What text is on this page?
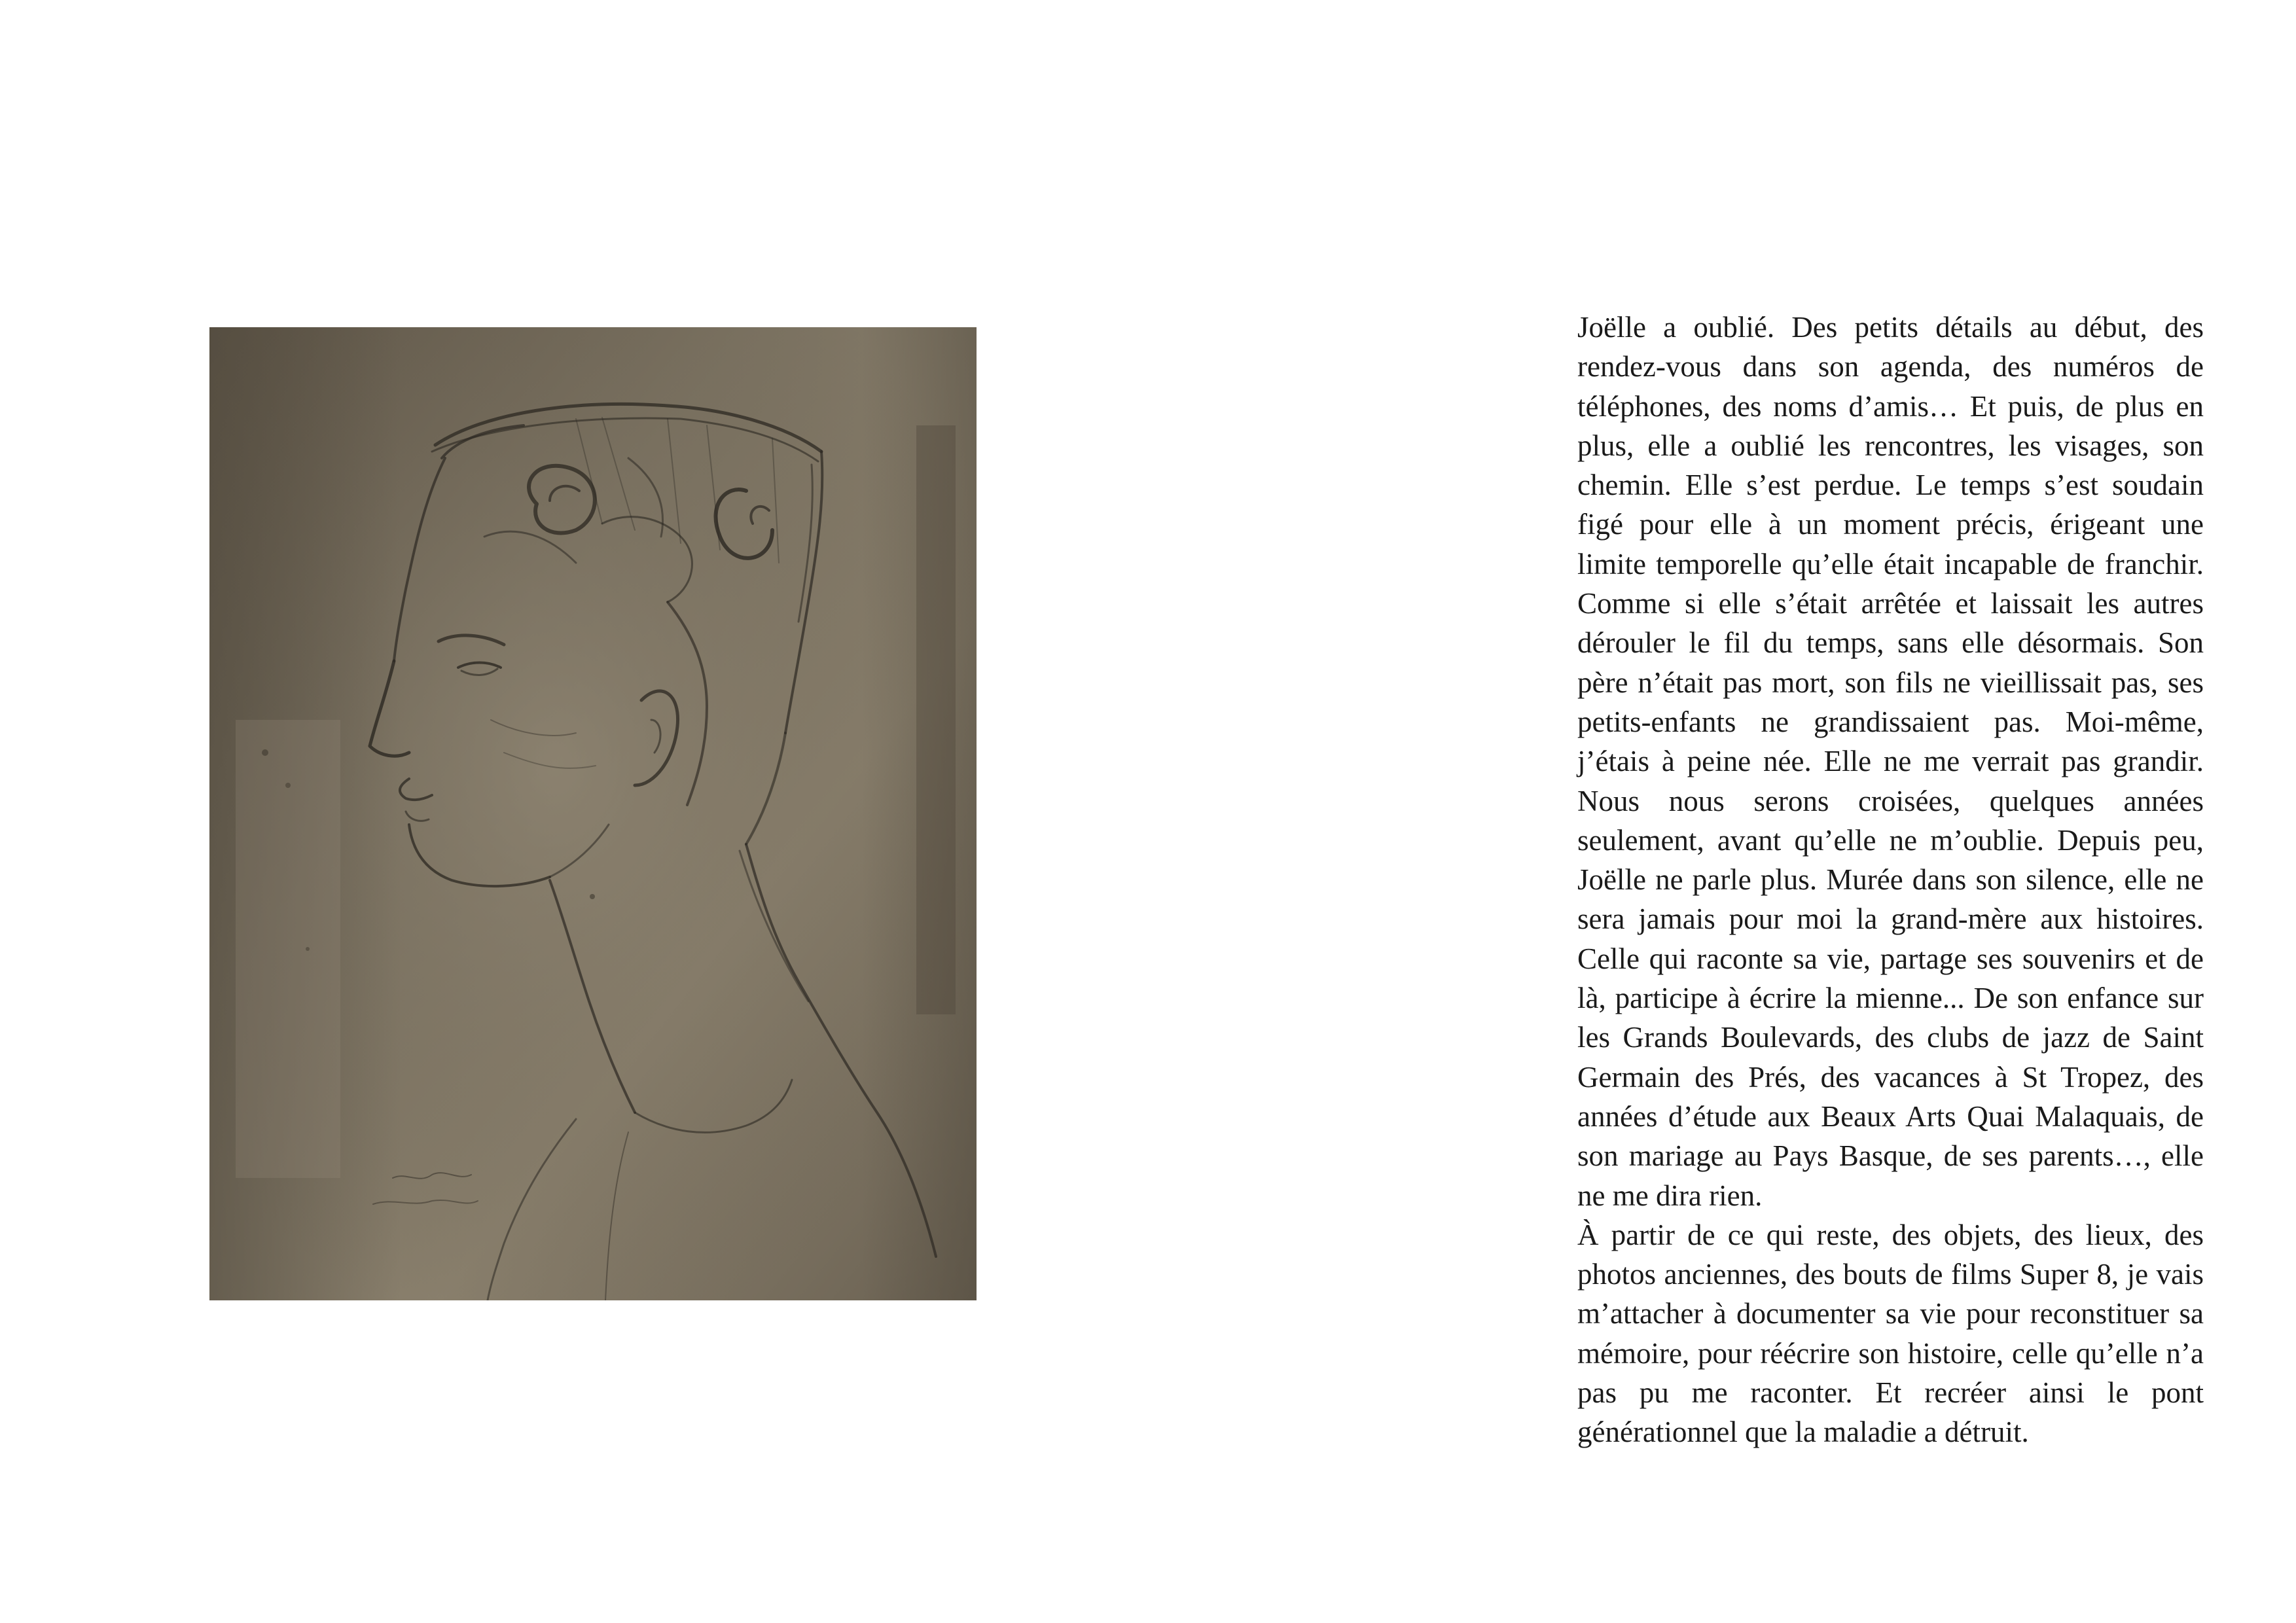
Joëlle a oublié. Des petits détails au début, des rendez-vous dans son agenda, des numéros de téléphones, des noms d’amis… Et puis, de plus en plus, elle a oublié les rencontres, les visages, son chemin. Elle s’est perdue. Le temps s’est soudain figé pour elle à un moment précis, érigeant une limite temporelle qu’elle était incapable de franchir. Comme si elle s’était arrêtée et laissait les autres dérouler le fil du temps, sans elle désormais. Son père n’était pas mort, son fils ne vieillissait pas, ses petits-enfants ne grandissaient pas. Moi-même, j’étais à peine née. Elle ne me verrait pas grandir. Nous nous serons croisées, quelques années seulement, avant qu’elle ne m’oublie. Depuis peu, Joëlle ne parle plus. Murée dans son silence, elle ne sera jamais pour moi la grand-mère aux histoires. Celle qui raconte sa vie, partage ses souvenirs et de là, participe à écrire la mienne... De son enfance sur les Grands Boulevards, des clubs de jazz de Saint Germain des Prés, des vacances à St Tropez, des années d’étude aux Beaux Arts Quai Malaquais, de son mariage au Pays Basque, de ses parents…, elle ne me dira rien.

À partir de ce qui reste, des objets, des lieux, des photos anciennes, des bouts de films Super 8, je vais m’attacher à documenter sa vie pour reconstituer sa mémoire, pour réécrire son histoire, celle qu’elle n’a pas pu me raconter. Et recréer ainsi le pont générationnel que la maladie a détruit.
